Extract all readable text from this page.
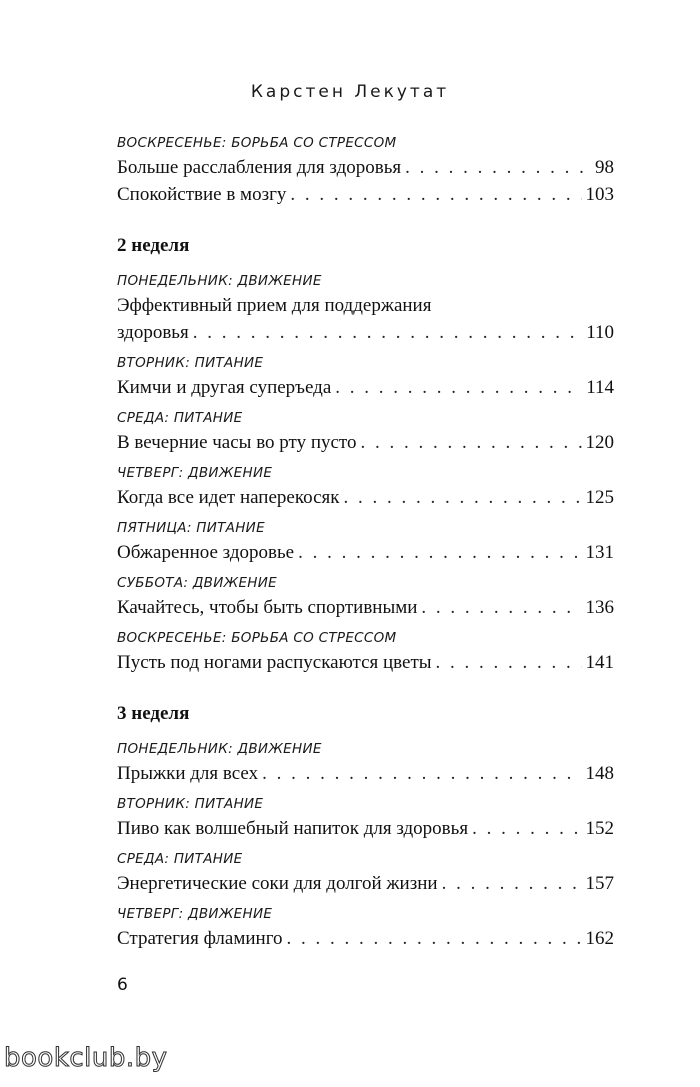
Карстен Лекутат
ВОСКРЕСЕНЬЕ: БОРЬБА СО СТРЕССОМ
Больше расслабления для здоровья . . .	98
Спокойствие в мозгу . . .	103
2 неделя
ПОНЕДЕЛЬНИК: ДВИЖЕНИЕ
Эффективный прием для поддержания
здоровья . . .	110
ВТОРНИК: ПИТАНИЕ
Кимчи и другая суперъеда . . .	114
СРЕДА: ПИТАНИЕ
В вечерние часы во рту пусто . . .	120
ЧЕТВЕРГ: ДВИЖЕНИЕ
Когда все идет наперекосяк . . .	125
ПЯТНИЦА: ПИТАНИЕ
Обжаренное здоровье . . .	131
СУББОТА: ДВИЖЕНИЕ
Качайтесь, чтобы быть спортивными . . .	136
ВОСКРЕСЕНЬЕ: БОРЬБА СО СТРЕССОМ
Пусть под ногами распускаются цветы . . .	141
3 неделя
ПОНЕДЕЛЬНИК: ДВИЖЕНИЕ
Прыжки для всех . . .	148
ВТОРНИК: ПИТАНИЕ
Пиво как волшебный напиток для здоровья . . .	152
СРЕДА: ПИТАНИЕ
Энергетические соки для долгой жизни . . .	157
ЧЕТВЕРГ: ДВИЖЕНИЕ
Стратегия фламинго . . .	162
6
bookclub.by
